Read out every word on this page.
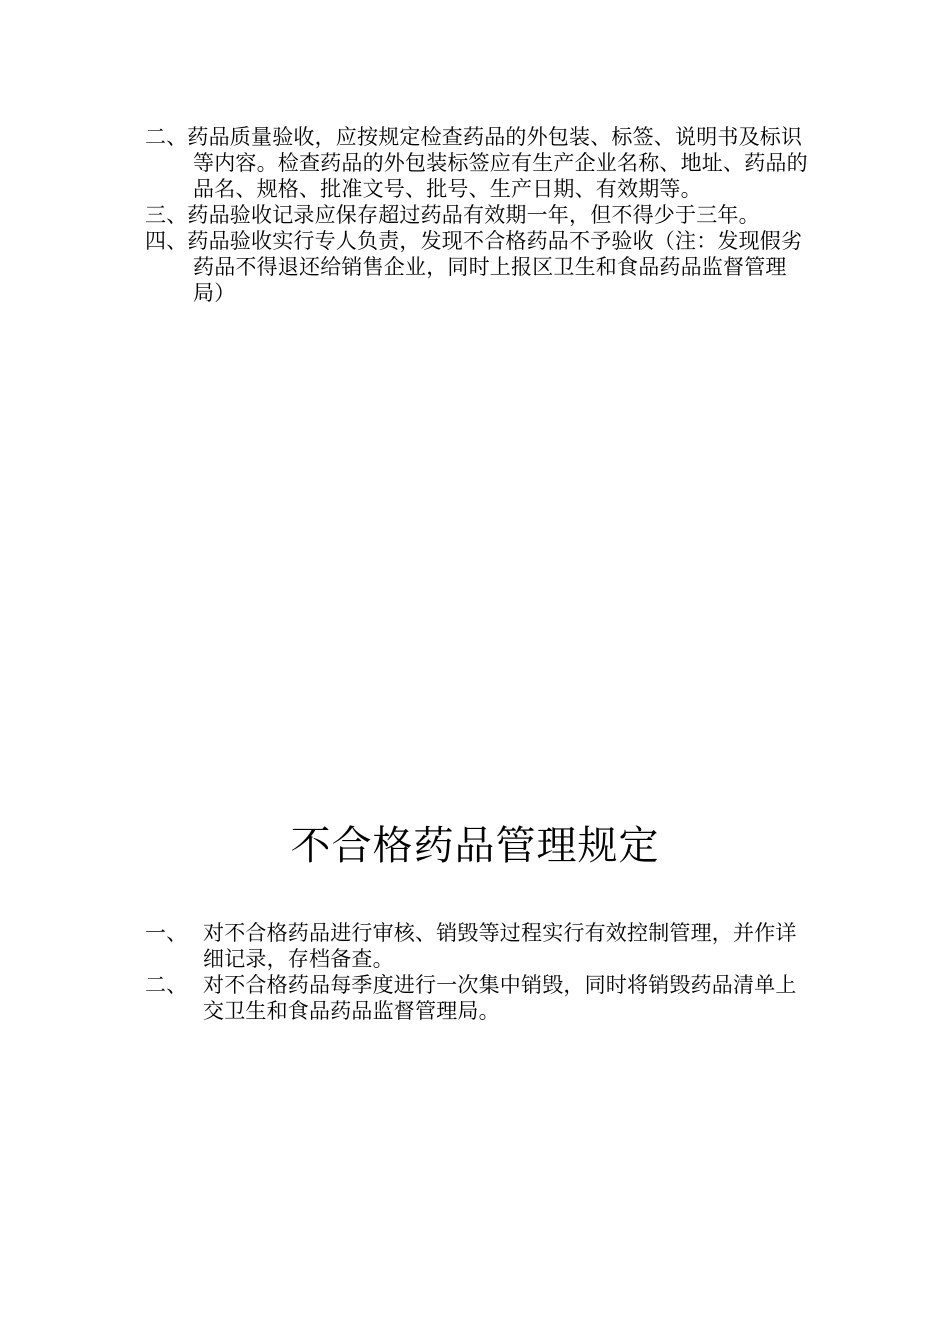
二、药品质量验收，应按规定检查药品的外包装、标签、说明书及标识等内容。检查药品的外包装标签应有生产企业名称、地址、药品的品名、规格、批准文号、批号、生产日期、有效期等。
三、药品验收记录应保存超过药品有效期一年，但不得少于三年。
四、药品验收实行专人负责，发现不合格药品不予验收（注：发现假劣药品不得退还给销售企业，同时上报区卫生和食品药品监督管理局）
不合格药品管理规定
一、 对不合格药品进行审核、销毁等过程实行有效控制管理，并作详细记录，存档备查。
二、 对不合格药品每季度进行一次集中销毁，同时将销毁药品清单上交卫生和食品药品监督管理局。
